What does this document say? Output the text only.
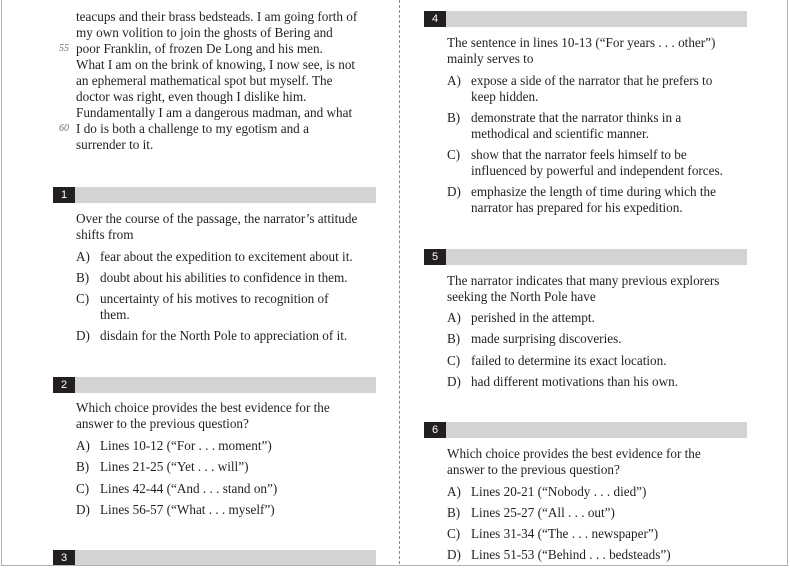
teacups and their brass bedsteads. I am going forth of
my own volition to join the ghosts of Bering and
55 poor Franklin, of frozen De Long and his men.
What I am on the brink of knowing, I now see, is not
an ephemeral mathematical spot but myself. The
doctor was right, even though I dislike him.
Fundamentally I am a dangerous madman, and what
60 I do is both a challenge to my egotism and a
surrender to it.
1
Over the course of the passage, the narrator’s attitude
shifts from
A) fear about the expedition to excitement about it.
B) doubt about his abilities to confidence in them.
C) uncertainty of his motives to recognition of
them.
D) disdain for the North Pole to appreciation of it.
2
Which choice provides the best evidence for the
answer to the previous question?
A) Lines 10-12 (“For . . . moment”)
B) Lines 21-25 (“Yet . . . will”)
C) Lines 42-44 (“And . . . stand on”)
D) Lines 56-57 (“What . . . myself”)
3
4
The sentence in lines 10-13 (“For years . . . other”)
mainly serves to
A) expose a side of the narrator that he prefers to
keep hidden.
B) demonstrate that the narrator thinks in a
methodical and scientific manner.
C) show that the narrator feels himself to be
influenced by powerful and independent forces.
D) emphasize the length of time during which the
narrator has prepared for his expedition.
5
The narrator indicates that many previous explorers
seeking the North Pole have
A) perished in the attempt.
B) made surprising discoveries.
C) failed to determine its exact location.
D) had different motivations than his own.
6
Which choice provides the best evidence for the
answer to the previous question?
A) Lines 20-21 (“Nobody . . . died”)
B) Lines 25-27 (“All . . . out”)
C) Lines 31-34 (“The . . . newspaper”)
D) Lines 51-53 (“Behind . . . bedsteads”)
